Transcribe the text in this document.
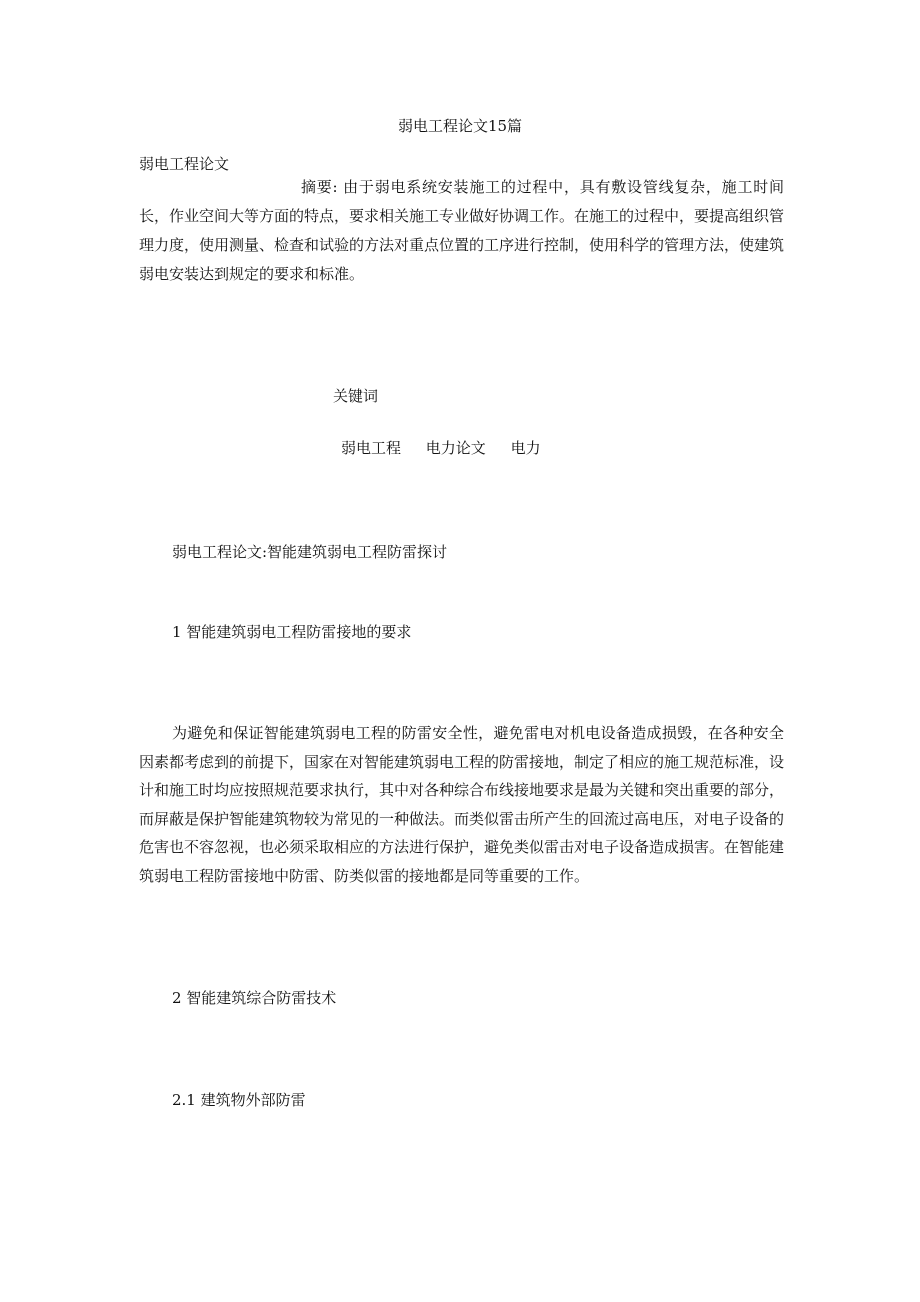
弱电工程论文15篇
弱电工程论文
摘要: 由于弱电系统安装施工的过程中，具有敷设管线复杂，施工时间长，作业空间大等方面的特点，要求相关施工专业做好协调工作。在施工的过程中，要提高组织管理力度，使用测量、检查和试验的方法对重点位置的工序进行控制，使用科学的管理方法，使建筑弱电安装达到规定的要求和标准。
关键词
弱电工程 电力论文 电力
弱电工程论文:智能建筑弱电工程防雷探讨
1 智能建筑弱电工程防雷接地的要求
为避免和保证智能建筑弱电工程的防雷安全性，避免雷电对机电设备造成损毁，在各种安全因素都考虑到的前提下，国家在对智能建筑弱电工程的防雷接地，制定了相应的施工规范标准，设计和施工时均应按照规范要求执行，其中对各种综合布线接地要求是最为关键和突出重要的部分，而屏蔽是保护智能建筑物较为常见的一种做法。而类似雷击所产生的回流过高电压，对电子设备的危害也不容忽视，也必须采取相应的方法进行保护，避免类似雷击对电子设备造成损害。在智能建筑弱电工程防雷接地中防雷、防类似雷的接地都是同等重要的工作。
2 智能建筑综合防雷技术
2.1 建筑物外部防雷
